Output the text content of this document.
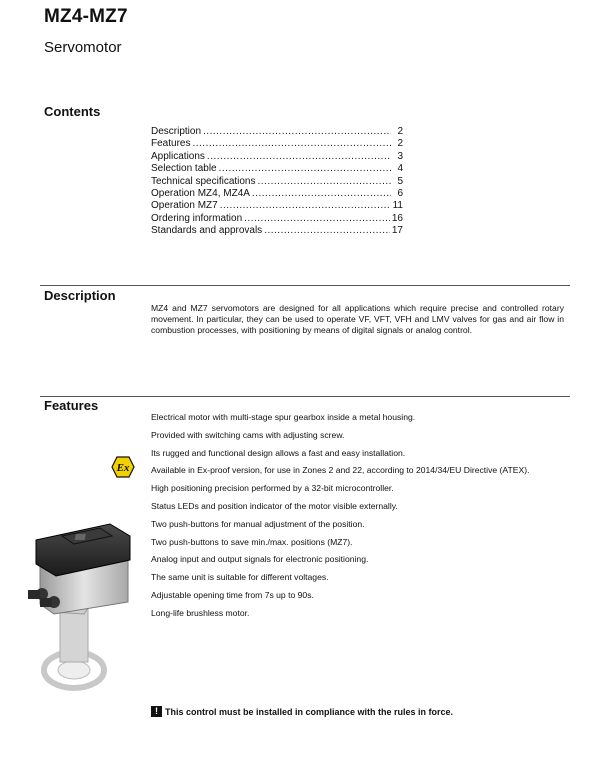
MZ4-MZ7
Servomotor
Contents
Description .....	2
Features .....	2
Applications .....	3
Selection table .....	4
Technical specifications .....	5
Operation MZ4, MZ4A .....	6
Operation MZ7 .....	11
Ordering information .....	16
Standards and approvals .....	17
Description
MZ4 and MZ7 servomotors are designed for all applications which require precise and controlled rotary movement. In particular, they can be used to operate VF, VFT, VFH and LMV valves for gas and air flow in combustion processes, with positioning by means of digital signals or analog control.
Features
Electrical motor with multi-stage spur gearbox inside a metal housing.
Provided with switching cams with adjusting screw.
Its rugged and functional design allows a fast and easy installation.
Available in Ex-proof version, for use in Zones 2 and 22, according to 2014/34/EU Directive (ATEX).
High positioning precision performed by a 32-bit microcontroller.
Status LEDs and position indicator of the motor visible externally.
Two push-buttons for manual adjustment of the position.
Two push-buttons to save min./max. positions (MZ7).
Analog input and output signals for electronic positioning.
The same unit is suitable for different voltages.
Adjustable opening time from 7s up to 90s.
Long-life brushless motor.
Ex
! This control must be installed in compliance with the rules in force.
